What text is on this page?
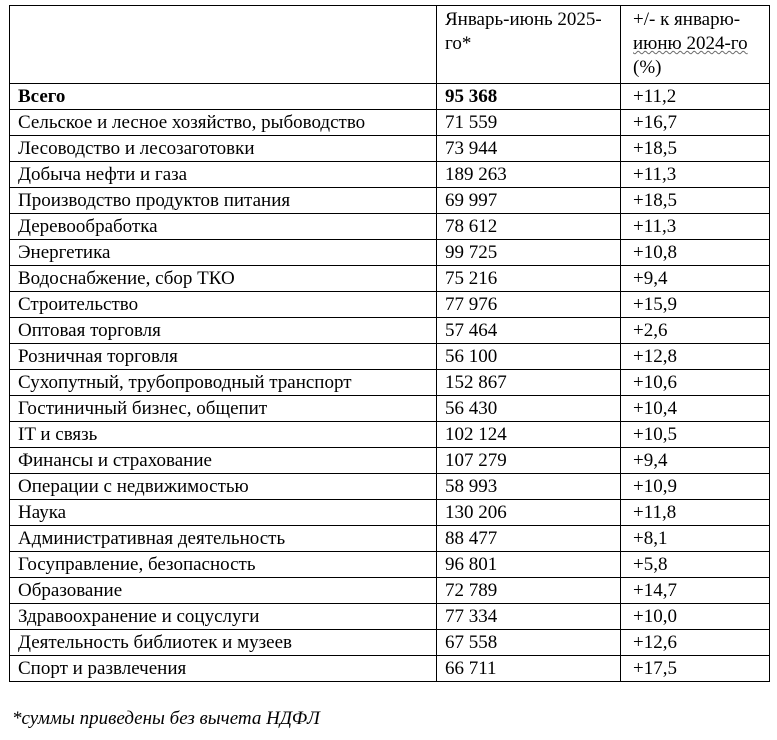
	Январь-июнь 2025-го*	+/- к январю-
июню 2024-го
(%)
Всего	95 368	+11,2
Сельское и лесное хозяйство, рыбоводство	71 559	+16,7
Лесоводство и лесозаготовки	73 944	+18,5
Добыча нефти и газа	189 263	+11,3
Производство продуктов питания	69 997	+18,5
Деревообработка	78 612	+11,3
Энергетика	99 725	+10,8
Водоснабжение, сбор ТКО	75 216	+9,4
Строительство	77 976	+15,9
Оптовая торговля	57 464	+2,6
Розничная торговля	56 100	+12,8
Сухопутный, трубопроводный транспорт	152 867	+10,6
Гостиничный бизнес, общепит	56 430	+10,4
IT и связь	102 124	+10,5
Финансы и страхование	107 279	+9,4
Операции с недвижимостью	58 993	+10,9
Наука	130 206	+11,8
Административная деятельность	88 477	+8,1
Госуправление, безопасность	96 801	+5,8
Образование	72 789	+14,7
Здравоохранение и соцуслуги	77 334	+10,0
Деятельность библиотек и музеев	67 558	+12,6
Спорт и развлечения	66 711	+17,5
*суммы приведены без вычета НДФЛ
